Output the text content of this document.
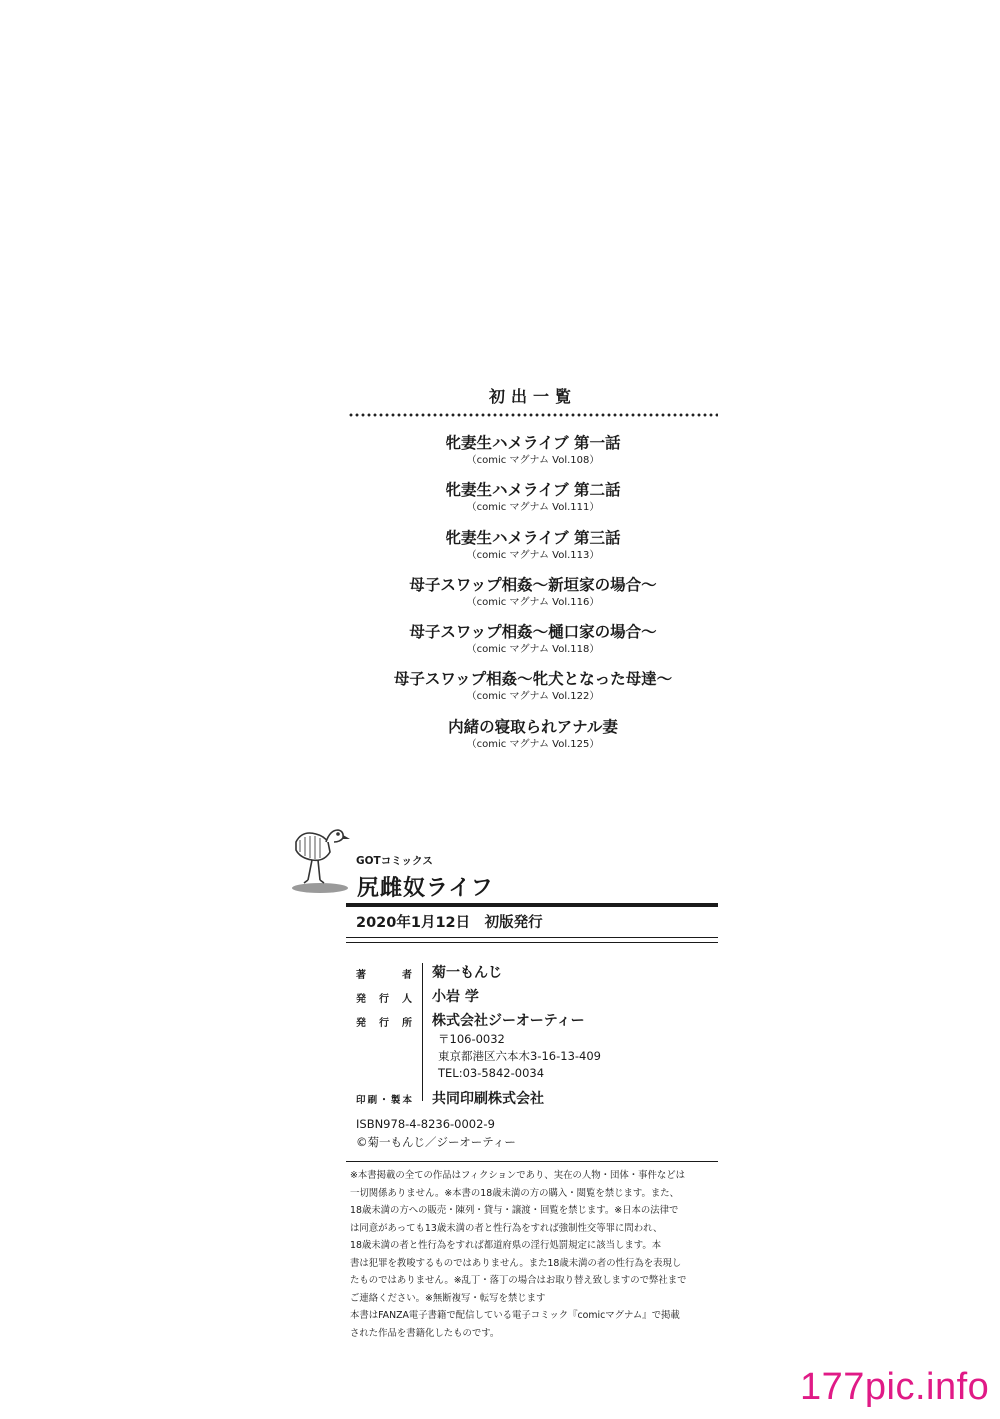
初出一覧
牝妻生ハメライブ 第一話
（comic マグナム Vol.108）
牝妻生ハメライブ 第二話
（comic マグナム Vol.111）
牝妻生ハメライブ 第三話
（comic マグナム Vol.113）
母子スワップ相姦～新垣家の場合～
（comic マグナム Vol.116）
母子スワップ相姦～樋口家の場合～
（comic マグナム Vol.118）
母子スワップ相姦～牝犬となった母達～
（comic マグナム Vol.122）
内緒の寝取られアナル妻
（comic マグナム Vol.125）
GOTコミックス
尻雌奴ライフ
2020年1月12日　初版発行
著者 菊一もんじ
発行人 小岩 学
発行所 株式会社ジーオーティー
印刷・製本 共同印刷株式会社
〒106-0032
東京都港区六本木3-16-13-409
TEL:03-5842-0034
ISBN978-4-8236-0002-9
©菊一もんじ／ジーオーティー
※本書掲載の全ての作品はフィクションであり、実在の人物・団体・事件などは
一切関係ありません。※本書の18歳未満の方の購入・閲覧を禁じます。また、
18歳未満の方への販売・陳列・貸与・譲渡・回覧を禁じます。※日本の法律で
は同意があっても13歳未満の者と性行為をすれば強制性交等罪に問われ、
18歳未満の者と性行為をすれば都道府県の淫行処罰規定に該当します。本
書は犯罪を教唆するものではありません。また18歳未満の者の性行為を表現し
たものではありません。※乱丁・落丁の場合はお取り替え致しますので弊社まで
ご連絡ください。※無断複写・転写を禁じます
本書はFANZA電子書籍で配信している電子コミック『comicマグナム』で掲載
された作品を書籍化したものです。
177pic.info
